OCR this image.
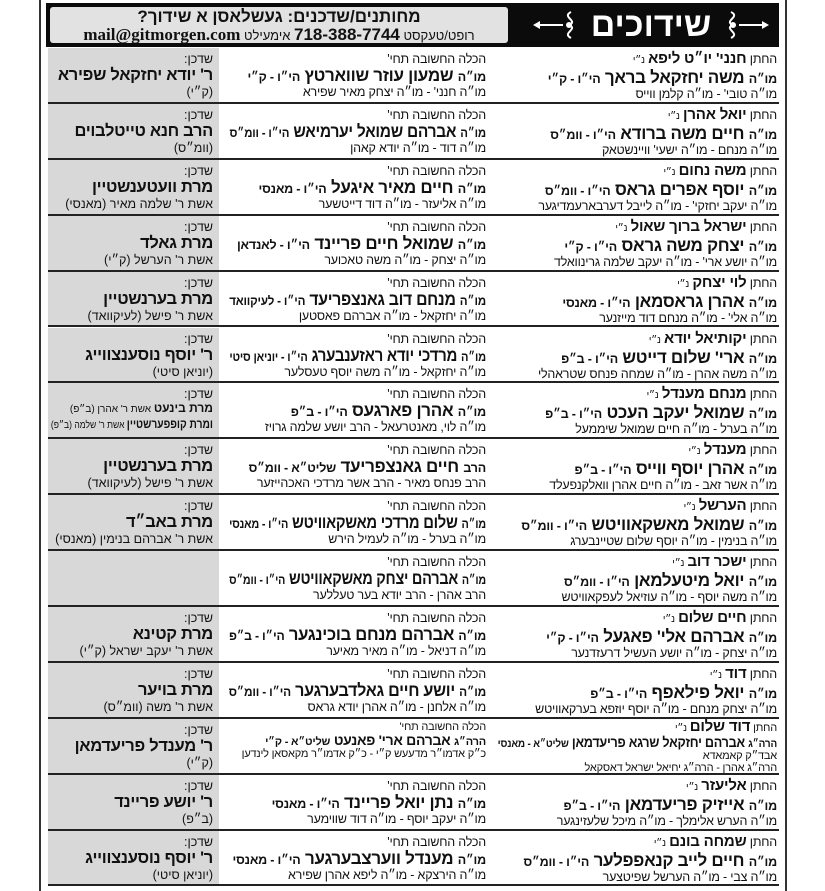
מחותנים/שדכנים: געשלאסן א שידוך?
רופט/טעקסט 718-388-7744 אימעילט mail@gitmorgen.com	שידוכים
שדכן:
ר' יודא יחזקאל שפירא
(ק״י)
הכלה החשובה תחי'
מו״ה שמעון עוזר שווארטץ הי״ו - ק״י
מו״ה חנני' - מו״ה יצחק מאיר שפירא
החתן חנני' יו״ט ליפא נ״י
מו״ה משה יחזקאל בראך הי״ו - ק״י
מו״ה טובי' - מו״ה קלמן ווייס
שדכן:
הרב חנא טייטלבוים
(וומ״ס)
הכלה החשובה תחי'
מו״ה אברהם שמואל יערמיאש הי״ו - וומ״ס
מו״ה דוד - מו״ה יודא קאהן
החתן יואל אהרן נ״י
מו״ה חיים משה ברודא הי״ו - וומ״ס
מו״ה מנחם - מו״ה ישעי' וויינשטאק
שדכן:
מרת וועטענשטיין
אשת ר' שלמה מאיר (מאנסי)
הכלה החשובה תחי'
מו״ה חיים מאיר איגעל הי״ו - מאנסי
מו״ה אליעזר - מו״ה דוד דייטשער
החתן משה נחום נ״י
מו״ה יוסף אפרים גראס הי״ו - וומ״ס
מו״ה יעקב יחזקי' - מו״ה לייבל דערבארעמדיגער
שדכן:
מרת גאלד
אשת ר' הערשל (ק״י)
הכלה החשובה תחי'
מו״ה שמואל חיים פריינד הי״ו - לאנדאן
מו״ה יצחק - מו״ה משה טאכוער
החתן ישראל ברוך שאול נ״י
מו״ה יצחק משה גראס הי״ו - ק״י
מו״ה יושע ארי' - מו״ה יעקב שלמה גרינוואלד
שדכן:
מרת בערנשטיין
אשת ר' פישל (לעיקוואד)
הכלה החשובה תחי'
מו״ה מנחם דוב גאנצפריעד הי״ו - לעיקוואד
מו״ה יחזקאל - מו״ה אברהם פאסטען
החתן לוי יצחק נ״י
מו״ה אהרן גראסמאן הי״ו - מאנסי
מו״ה אלי' - מו״ה מנחם דוד מייזנער
שדכן:
ר' יוסף נוסענצווייג
(יוניאן סיטי)
הכלה החשובה תחי'
מו״ה מרדכי יודא ראזענבערג הי״ו - יוניאן סיטי
מו״ה יחזקאל - מו״ה משה יוסף טעסלער
החתן יקותיאל יודא נ״י
מו״ה ארי' שלום דייטש הי״ו - ב״פ
מו״ה משה אהרן - מו״ה שמחה פנחס שטראהלי
שדכן:
מרת בינעט אשת ר' אהרן (ב״פ)
ומרת קופפערשטיין אשת ר' שלמה (ב״פ)
הכלה החשובה תחי'
מו״ה אהרן פארגעס הי״ו - ב״פ
מו״ה לוי, מאנטרעאל - הרב יושע שלמה גרויז
החתן מנחם מענדל נ״י
מו״ה שמואל יעקב העכט הי״ו - ב״פ
מו״ה בערל - מו״ה חיים שמואל שיממעל
שדכן:
מרת בערנשטיין
אשת ר' פישל (לעיקוואד)
הכלה החשובה תחי'
הרב חיים גאנצפריעד שליט״א - וומ״ס
הרב פנחס מאיר - הרב אשר מרדכי האכהייזער
החתן מענדל נ״י
מו״ה אהרן יוסף ווייס הי״ו - ב״פ
מו״ה אשר זאב - מו״ה חיים אהרן וואלקנפעלד
שדכן:
מרת באב״ד
אשת ר' אברהם בנימין (מאנסי)
הכלה החשובה תחי'
מו״ה שלום מרדכי מאשקאוויטש הי״ו - מאנסי
מו״ה בערל - מו״ה לעמיל הירש
החתן הערשל נ״י
מו״ה שמואל מאשקאוויטש הי״ו - וומ״ס
מו״ה בנימין - מו״ה יוסף שלום שטיינבערג
הכלה החשובה תחי'
מו״ה אברהם יצחק מאשקאוויטש הי״ו - וומ״ס
הרב אהרן - הרב יודא בער טעללער
החתן ישכר דוב נ״י
מו״ה יואל מיטעלמאן הי״ו - וומ״ס
מו״ה משה יוסף - מו״ה עוזיאל לעפקאוויטש
שדכן:
מרת קטינא
אשת ר' יעקב ישראל (ק״י)
הכלה החשובה תחי'
מו״ה אברהם מנחם בוכינגער הי״ו - ב״פ
מו״ה דניאל - מו״ה מאיר מאיער
החתן חיים שלום נ״י
מו״ה אברהם אלי' פאגעל הי״ו - ק״י
מו״ה יצחק - מו״ה יושע העשיל דרעזדנער
שדכן:
מרת בויער
אשת ר' משה (וומ״ס)
הכלה החשובה תחי'
מו״ה יושע חיים גאלדבערגער הי״ו - וומ״ס
מו״ה אלחנן - מו״ה אהרן יודא גראס
החתן דוד נ״י
מו״ה יואל פילאפף הי״ו - ב״פ
מו״ה יצחק מנחם - מו״ה יוסף יוזפא בערקאוויטש
שדכן:
ר' מענדל פריעדמאן
(ק״י)
הכלה החשובה תחי'
הרה״ג אברהם ארי' פאנעט שליט״א - ק״י
כ״ק אדמו״ר מדעעש ק״י - כ״ק אדמו״ר מקאסאן לינדען
החתן דוד שלום נ״י
הרה״ג אברהם יחזקאל שרגא פריעדמאן שליט״א - מאנסי
אבד״ק קאמאדא
הרה״ג אהרן - הרה״ג יחיאל ישראל דאסקאל
שדכן:
ר' יושע פריינד
(ב״פ)
הכלה החשובה תחי'
מו״ה נתן יואל פריינד הי״ו - מאנסי
מו״ה יעקב יוסף - מו״ה דוד שווימער
החתן אליעזר נ״י
מו״ה אייזיק פריעדמאן הי״ו - ב״פ
מו״ה הערש אלימלך - מו״ה מיכל שלעזינגער
שדכן:
ר' יוסף נוסענצווייג
(יוניאן סיטי)
הכלה החשובה תחי'
מו״ה מענדל ווערצבערגער הי״ו - מאנסי
מו״ה הירצקא - מו״ה ליפא אהרן שפירא
החתן שמחה בונם נ״י
מו״ה חיים לייב קנאפפלער הי״ו - וומ״ס
מו״ה צבי - מו״ה הערשל שפיטצער
